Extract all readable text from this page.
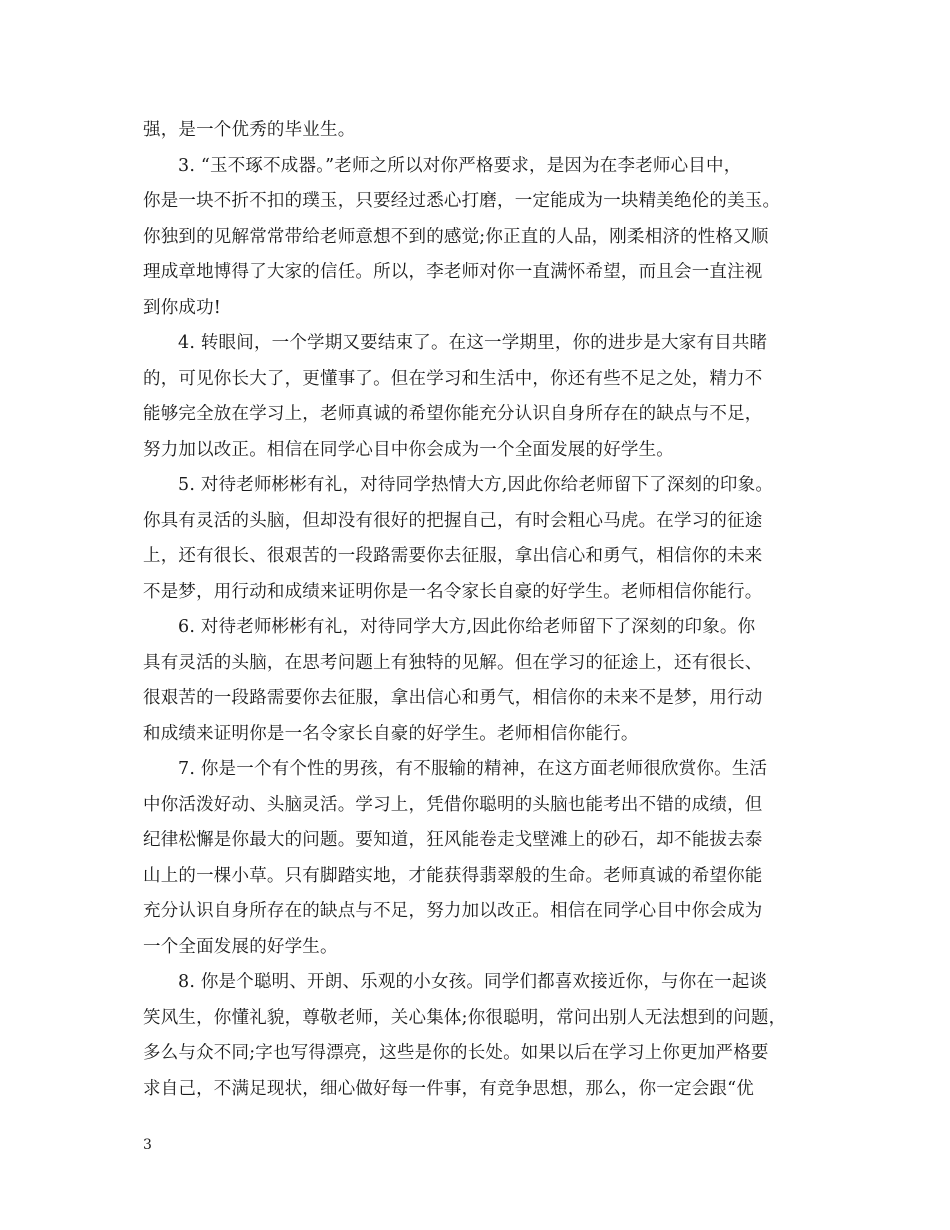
强，是一个优秀的毕业生。
3. “玉不琢不成器。”老师之所以对你严格要求，是因为在李老师心目中，
你是一块不折不扣的璞玉，只要经过悉心打磨，一定能成为一块精美绝伦的美玉。
你独到的见解常常带给老师意想不到的感觉;你正直的人品，刚柔相济的性格又顺
理成章地博得了大家的信任。所以，李老师对你一直满怀希望，而且会一直注视
到你成功!
4. 转眼间，一个学期又要结束了。在这一学期里，你的进步是大家有目共睹
的，可见你长大了，更懂事了。但在学习和生活中，你还有些不足之处，精力不
能够完全放在学习上，老师真诚的希望你能充分认识自身所存在的缺点与不足，
努力加以改正。相信在同学心目中你会成为一个全面发展的好学生。
5. 对待老师彬彬有礼，对待同学热情大方,因此你给老师留下了深刻的印象。
你具有灵活的头脑，但却没有很好的把握自己，有时会粗心马虎。在学习的征途
上，还有很长、很艰苦的一段路需要你去征服，拿出信心和勇气，相信你的未来
不是梦，用行动和成绩来证明你是一名令家长自豪的好学生。老师相信你能行。
6. 对待老师彬彬有礼，对待同学大方,因此你给老师留下了深刻的印象。你
具有灵活的头脑，在思考问题上有独特的见解。但在学习的征途上，还有很长、
很艰苦的一段路需要你去征服，拿出信心和勇气，相信你的未来不是梦，用行动
和成绩来证明你是一名令家长自豪的好学生。老师相信你能行。
7. 你是一个有个性的男孩，有不服输的精神，在这方面老师很欣赏你。生活
中你活泼好动、头脑灵活。学习上，凭借你聪明的头脑也能考出不错的成绩，但
纪律松懈是你最大的问题。要知道，狂风能卷走戈壁滩上的砂石，却不能拔去泰
山上的一棵小草。只有脚踏实地，才能获得翡翠般的生命。老师真诚的希望你能
充分认识自身所存在的缺点与不足，努力加以改正。相信在同学心目中你会成为
一个全面发展的好学生。
8. 你是个聪明、开朗、乐观的小女孩。同学们都喜欢接近你，与你在一起谈
笑风生，你懂礼貌，尊敬老师，关心集体;你很聪明，常问出别人无法想到的问题，
多么与众不同;字也写得漂亮，这些是你的长处。如果以后在学习上你更加严格要
求自己，不满足现状，细心做好每一件事，有竞争思想，那么，你一定会跟“优
3
